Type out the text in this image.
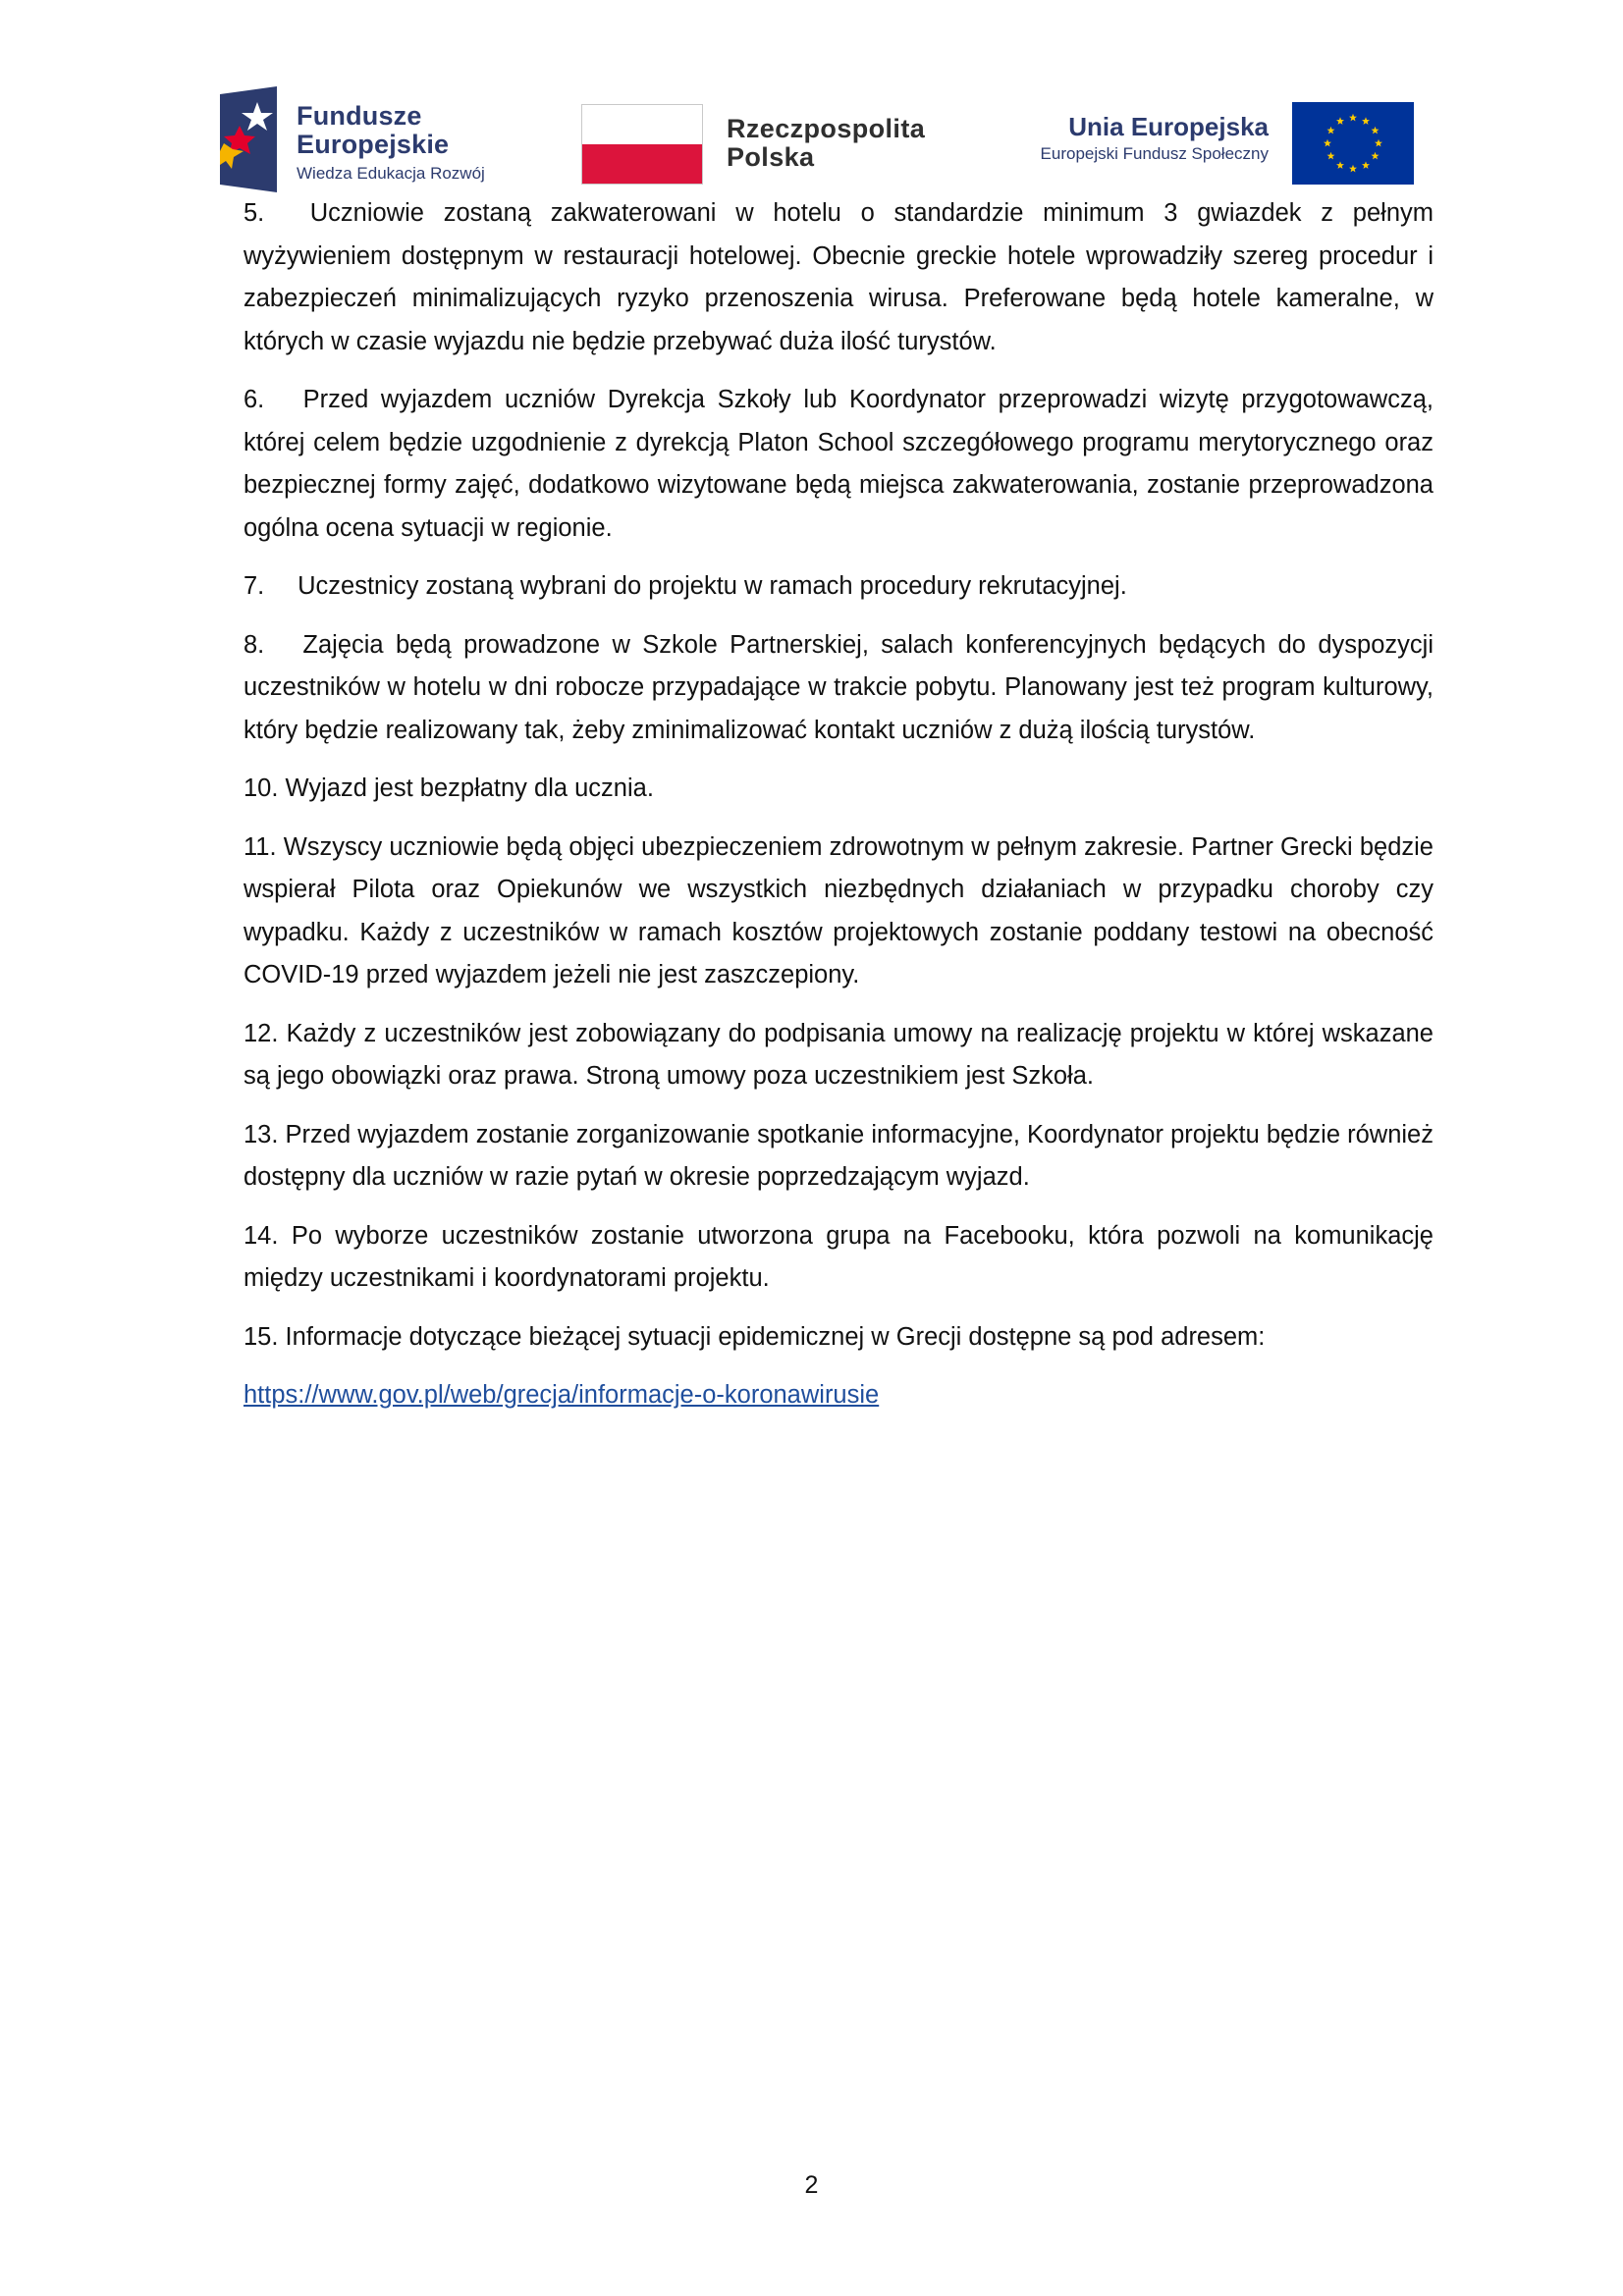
Fundusze
Europejskie
Wiedza Edukacja Rozwój
Rzeczpospolita
Polska
Unia Europejska
Europejski Fundusz Społeczny

5. Uczniowie zostaną zakwaterowani w hotelu o standardzie minimum 3 gwiazdek z pełnym wyżywieniem dostępnym w restauracji hotelowej. Obecnie greckie hotele wprowadziły szereg procedur i zabezpieczeń minimalizujących ryzyko przenoszenia wirusa. Preferowane będą hotele kameralne, w których w czasie wyjazdu nie będzie przebywać duża ilość turystów.

6. Przed wyjazdem uczniów Dyrekcja Szkoły lub Koordynator przeprowadzi wizytę przygotowawczą, której celem będzie uzgodnienie z dyrekcją Platon School szczegółowego programu merytorycznego oraz bezpiecznej formy zajęć, dodatkowo wizytowane będą miejsca zakwaterowania, zostanie przeprowadzona ogólna ocena sytuacji w regionie.

7. Uczestnicy zostaną wybrani do projektu w ramach procedury rekrutacyjnej.

8. Zajęcia będą prowadzone w Szkole Partnerskiej, salach konferencyjnych będących do dyspozycji uczestników w hotelu w dni robocze przypadające w trakcie pobytu. Planowany jest też program kulturowy, który będzie realizowany tak, żeby zminimalizować kontakt uczniów z dużą ilością turystów.

10. Wyjazd jest bezpłatny dla ucznia.

11. Wszyscy uczniowie będą objęci ubezpieczeniem zdrowotnym w pełnym zakresie. Partner Grecki będzie wspierał Pilota oraz Opiekunów we wszystkich niezbędnych działaniach w przypadku choroby czy wypadku. Każdy z uczestników w ramach kosztów projektowych zostanie poddany testowi na obecność COVID-19 przed wyjazdem jeżeli nie jest zaszczepiony.

12. Każdy z uczestników jest zobowiązany do podpisania umowy na realizację projektu w której wskazane są jego obowiązki oraz prawa. Stroną umowy poza uczestnikiem jest Szkoła.

13. Przed wyjazdem zostanie zorganizowanie spotkanie informacyjne, Koordynator projektu będzie również dostępny dla uczniów w razie pytań w okresie poprzedzającym wyjazd.

14. Po wyborze uczestników zostanie utworzona grupa na Facebooku, która pozwoli na komunikację między uczestnikami i koordynatorami projektu.

15. Informacje dotyczące bieżącej sytuacji epidemicznej w Grecji dostępne są pod adresem:

https://www.gov.pl/web/grecja/informacje-o-koronawirusie
2
